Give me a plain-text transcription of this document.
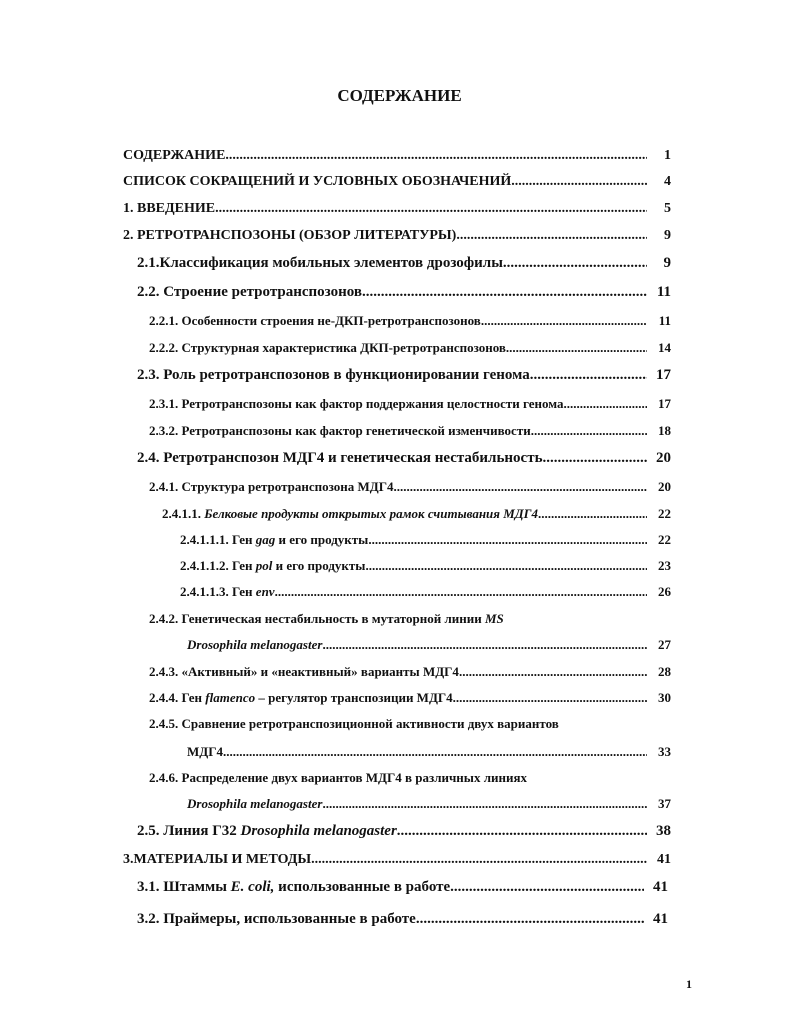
СОДЕРЖАНИЕ
СОДЕРЖАНИЕ .....	1
СПИСОК СОКРАЩЕНИЙ И УСЛОВНЫХ ОБОЗНАЧЕНИЙ .....	4
1. ВВЕДЕНИЕ .....	5
2. РЕТРОТРАНСПОЗОНЫ (ОБЗОР ЛИТЕРАТУРЫ) .....	9
2.1.Классификация мобильных элементов дрозофилы .....	9
2.2. Строение ретротранспозонов .....	11
2.2.1. Особенности строения не-ДКП-ретротранспозонов .....	11
2.2.2. Структурная характеристика ДКП-ретротранспозонов .....	14
2.3. Роль ретротранспозонов в функционировании генома .....	17
2.3.1. Ретротранспозоны как фактор поддержания целостности генома .....	17
2.3.2. Ретротранспозоны как фактор генетической изменчивости .....	18
2.4. Ретротранспозон МДГ4 и генетическая нестабильность .....	20
2.4.1. Структура ретротранспозона МДГ4 .....	20
2.4.1.1. Белковые продукты открытых рамок считывания МДГ4 .....	22
2.4.1.1.1. Ген gag и его продукты .....	22
2.4.1.1.2. Ген pol и его продукты .....	23
2.4.1.1.3. Ген env .....	26
2.4.2. Генетическая нестабильность в мутаторной линии MS
Drosophila melanogaster .....	27
2.4.3. «Активный» и «неактивный» варианты МДГ4 .....	28
2.4.4. Ген flamenco – регулятор транспозиции МДГ4 .....	30
2.4.5. Сравнение ретротранспозиционной активности двух вариантов
МДГ4 .....	33
2.4.6. Распределение двух вариантов МДГ4 в различных линиях
Drosophila melanogaster .....	37
2.5. Линия Г32 Drosophila melanogaster .....	38
3.МАТЕРИАЛЫ И МЕТОДЫ .....	41
3.1. Штаммы E. coli, использованные в работе .....	41
3.2. Праймеры, использованные в работе .....	41
1
